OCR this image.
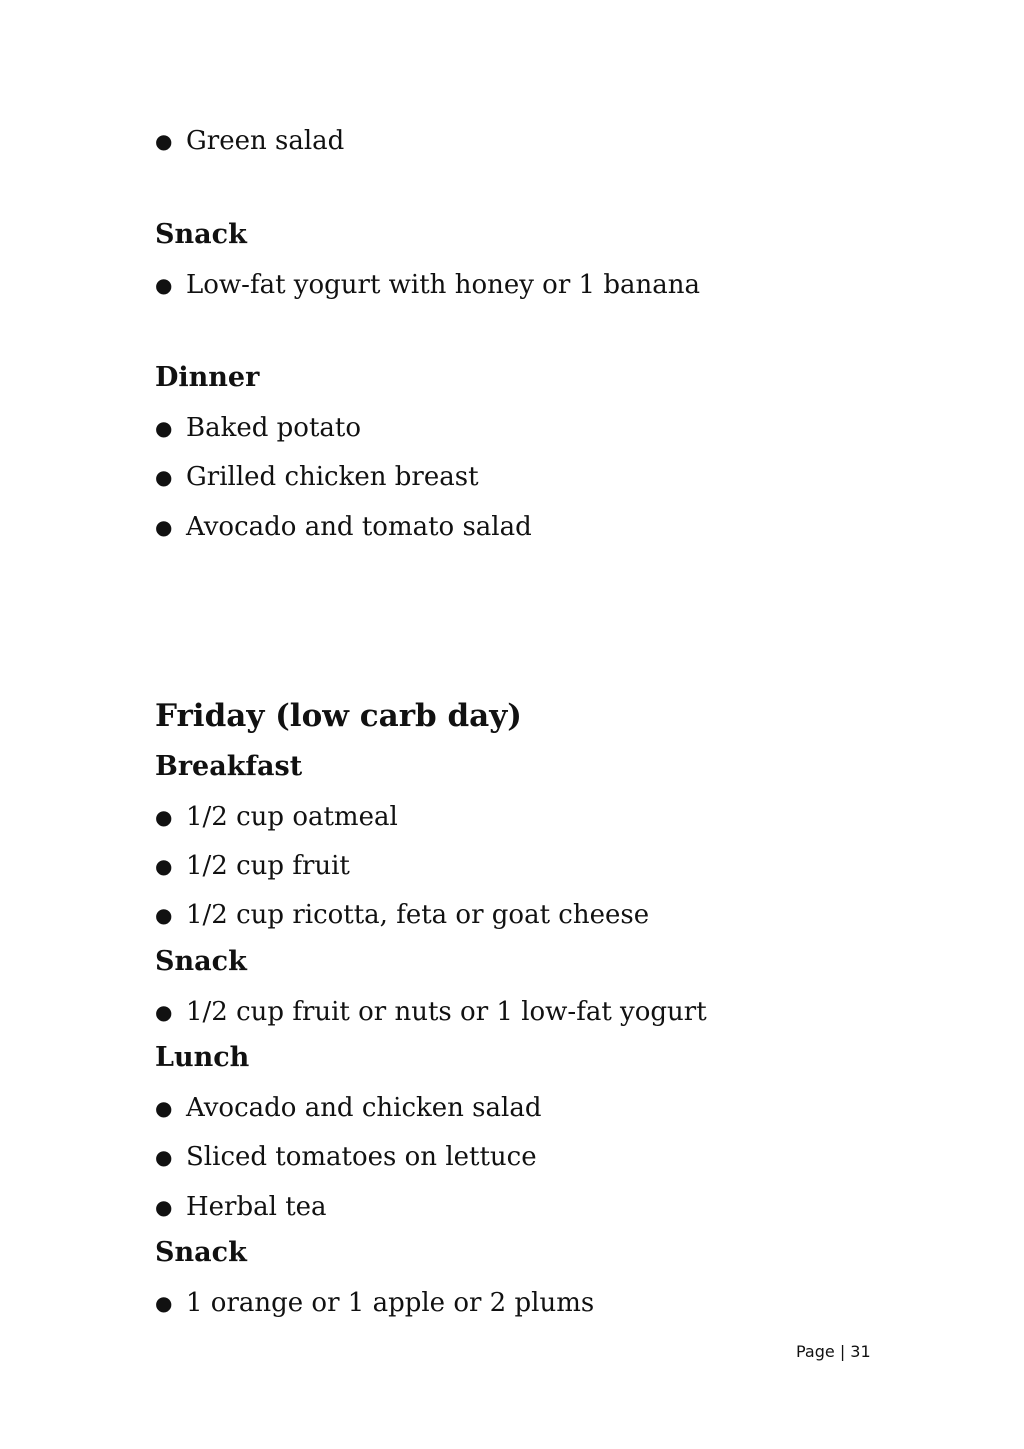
● Green salad
Snack
● Low-fat yogurt with honey or 1 banana
Dinner
● Baked potato
● Grilled chicken breast
● Avocado and tomato salad
Friday (low carb day)
Breakfast
● 1/2 cup oatmeal
● 1/2 cup fruit
● 1/2 cup ricotta, feta or goat cheese
Snack
● 1/2 cup fruit or nuts or 1 low-fat yogurt
Lunch
● Avocado and chicken salad
● Sliced tomatoes on lettuce
● Herbal tea
Snack
● 1 orange or 1 apple or 2 plums
Page | 31
